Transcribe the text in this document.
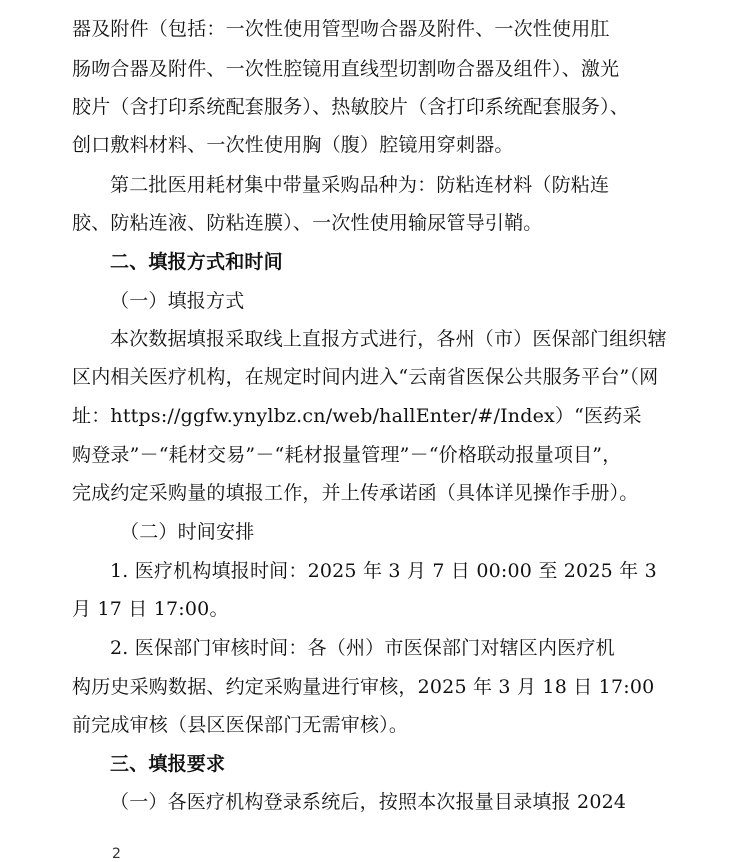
器及附件（包括：一次性使用管型吻合器及附件、一次性使用肛
肠吻合器及附件、一次性腔镜用直线型切割吻合器及组件）、激光
胶片（含打印系统配套服务）、热敏胶片（含打印系统配套服务）、
创口敷料材料、一次性使用胸（腹）腔镜用穿刺器。
第二批医用耗材集中带量采购品种为：防粘连材料（防粘连
胶、防粘连液、防粘连膜）、一次性使用输尿管导引鞘。
二、填报方式和时间
（一）填报方式
本次数据填报采取线上直报方式进行，各州（市）医保部门组织辖
区内相关医疗机构，在规定时间内进入“云南省医保公共服务平台”（网
址：https://ggfw.ynylbz.cn/web/hallEnter/#/Index）“医药采
购登录”－“耗材交易”－“耗材报量管理”－“价格联动报量项目”，
完成约定采购量的填报工作，并上传承诺函（具体详见操作手册）。
（二）时间安排
1. 医疗机构填报时间：2025 年 3 月 7 日 00:00 至 2025 年 3
月 17 日 17:00。
2. 医保部门审核时间：各（州）市医保部门对辖区内医疗机
构历史采购数据、约定采购量进行审核，2025 年 3 月 18 日 17:00
前完成审核（县区医保部门无需审核）。
三、填报要求
（一）各医疗机构登录系统后，按照本次报量目录填报 2024
2
